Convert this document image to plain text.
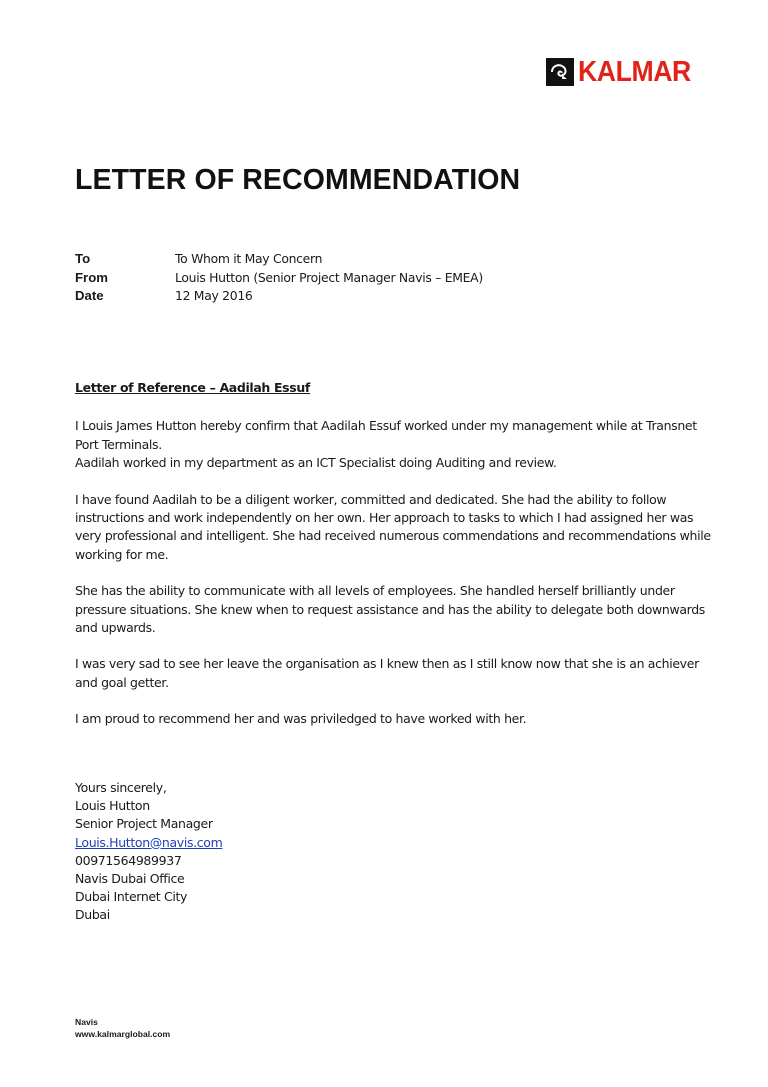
KALMAR
LETTER OF RECOMMENDATION
To	To Whom it May Concern
From	Louis Hutton (Senior Project Manager Navis – EMEA)
Date	12 May 2016

Letter of Reference – Aadilah Essuf

I Louis James Hutton hereby confirm that Aadilah Essuf worked under my management while at Transnet Port Terminals.
Aadilah worked in my department as an ICT Specialist doing Auditing and review.

I have found Aadilah to be a diligent worker, committed and dedicated. She had the ability to follow instructions and work independently on her own. Her approach to tasks to which I had assigned her was very professional and intelligent. She had received numerous commendations and recommendations while working for me.

She has the ability to communicate with all levels of employees. She handled herself brilliantly under pressure situations. She knew when to request assistance and has the ability to delegate both downwards and upwards.

I was very sad to see her leave the organisation as I knew then as I still know now that she is an achiever and goal getter.

I am proud to recommend her and was priviledged to have worked with her.

Yours sincerely,
Louis Hutton
Senior Project Manager
Louis.Hutton@navis.com
00971564989937
Navis Dubai Office
Dubai Internet City
Dubai
Navis
www.kalmarglobal.com
